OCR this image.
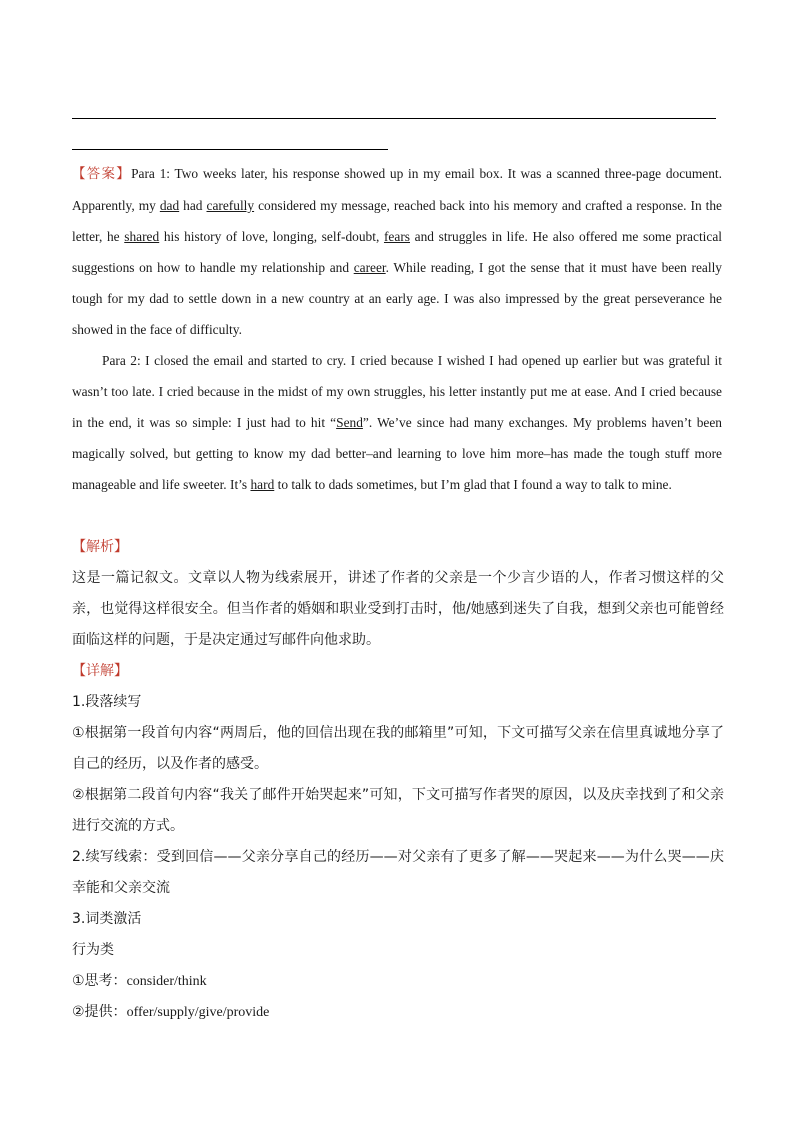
【答案】Para 1: Two weeks later, his response showed up in my email box. It was a scanned three-page document. Apparently, my dad had carefully considered my message, reached back into his memory and crafted a response. In the letter, he shared his history of love, longing, self-doubt, fears and struggles in life. He also offered me some practical suggestions on how to handle my relationship and career. While reading, I got the sense that it must have been really tough for my dad to settle down in a new country at an early age. I was also impressed by the great perseverance he showed in the face of difficulty.

Para 2: I closed the email and started to cry. I cried because I wished I had opened up earlier but was grateful it wasn’t too late. I cried because in the midst of my own struggles, his letter instantly put me at ease. And I cried because in the end, it was so simple: I just had to hit “Send”. We’ve since had many exchanges. My problems haven’t been magically solved, but getting to know my dad better–and learning to love him more–has made the tough stuff more manageable and life sweeter. It’s hard to talk to dads sometimes, but I’m glad that I found a way to talk to mine.

【解析】

这是一篇记叙文。文章以人物为线索展开，讲述了作者的父亲是一个少言少语的人，作者习惯这样的父亲，也觉得这样很安全。但当作者的婚姻和职业受到打击时，他/她感到迷失了自我，想到父亲也可能曾经面临这样的问题，于是决定通过写邮件向他求助。

【详解】

1.段落续写

①根据第一段首句内容“两周后，他的回信出现在我的邮箱里”可知，下文可描写父亲在信里真诚地分享了自己的经历，以及作者的感受。

②根据第二段首句内容“我关了邮件开始哭起来”可知，下文可描写作者哭的原因，以及庆幸找到了和父亲进行交流的方式。

2.续写线索：受到回信——父亲分享自己的经历——对父亲有了更多了解——哭起来——为什么哭——庆幸能和父亲交流

3.词类激活

行为类

①思考：consider/think

②提供：offer/supply/give/provide
